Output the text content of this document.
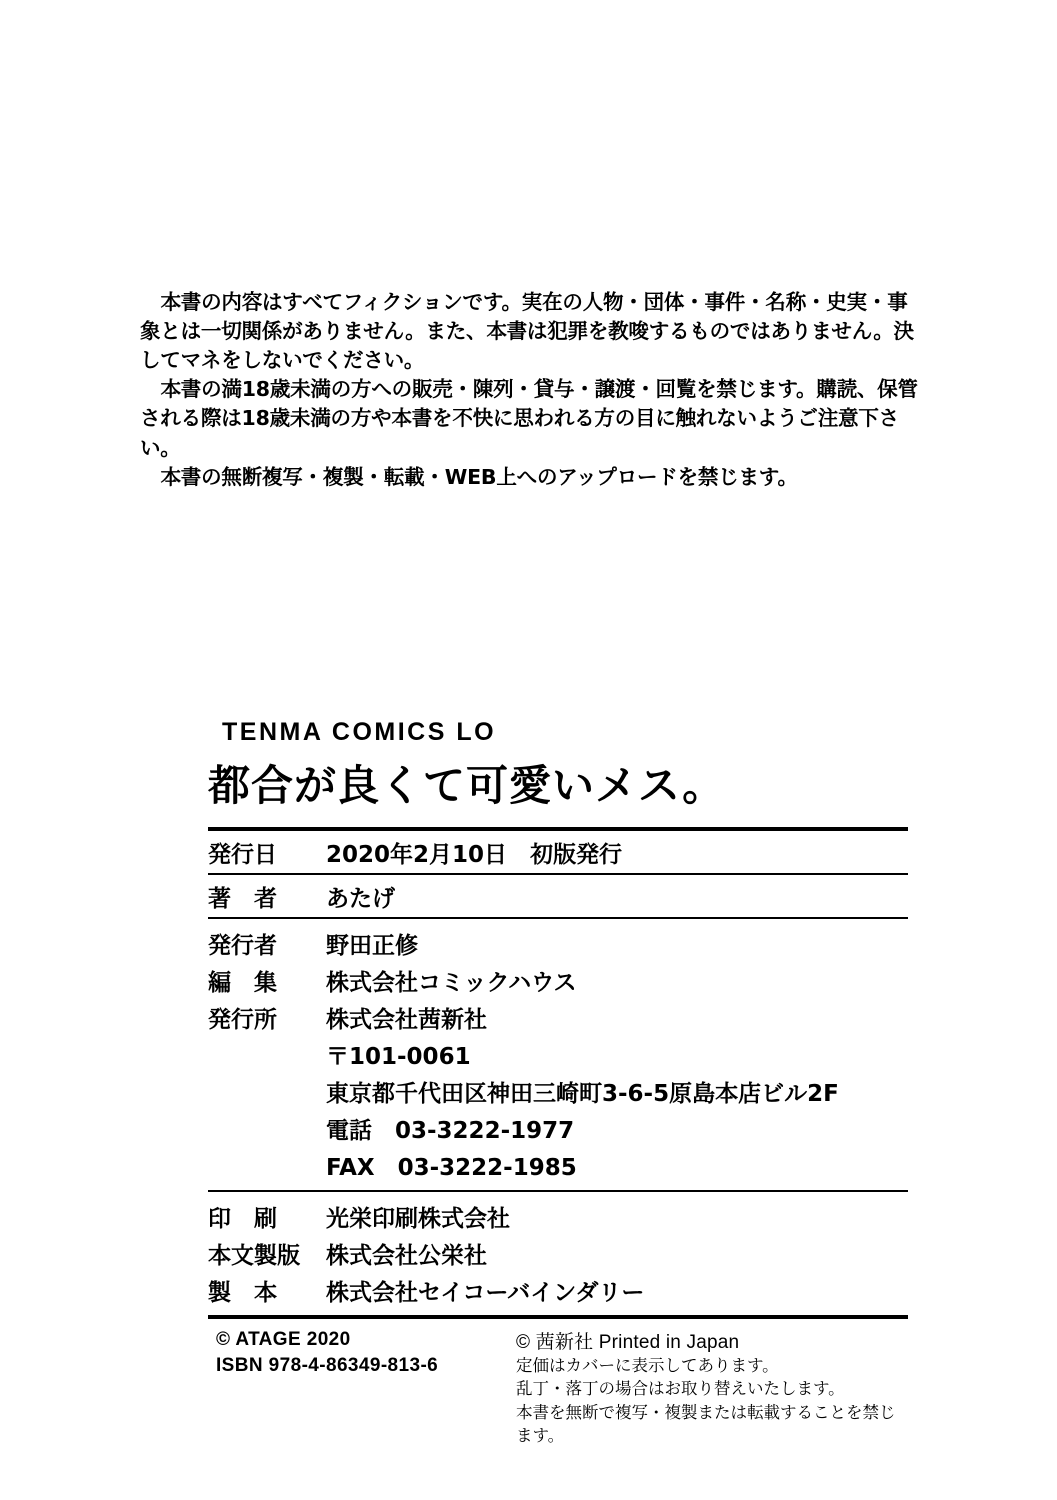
本書の内容はすべてフィクションです。実在の人物・団体・事件・名称・史実・事象とは一切関係がありません。また、本書は犯罪を教唆するものではありません。決してマネをしないでください。

本書の満18歳未満の方への販売・陳列・貸与・譲渡・回覧を禁じます。購読、保管される際は18歳未満の方や本書を不快に思われる方の目に触れないようご注意下さい。

本書の無断複写・複製・転載・WEB上へのアップロードを禁じます。

TENMA COMICS LO
都合が良くて可愛いメス。
発行日	2020年2月10日　初版発行
著　者	あたげ
発行者	野田正修
編　集	株式会社コミックハウス
発行所	株式会社茜新社
〒101-0061
東京都千代田区神田三崎町3-6-5原島本店ビル2F
電話　03-3222-1977
FAX　03-3222-1985
印　刷	光栄印刷株式会社
本文製版	株式会社公栄社
製　本	株式会社セイコーバインダリー
© ATAGE 2020
ISBN 978-4-86349-813-6
© 茜新社 Printed in Japan
定価はカバーに表示してあります。
乱丁・落丁の場合はお取り替えいたします。
本書を無断で複写・複製または転載することを禁じます。
